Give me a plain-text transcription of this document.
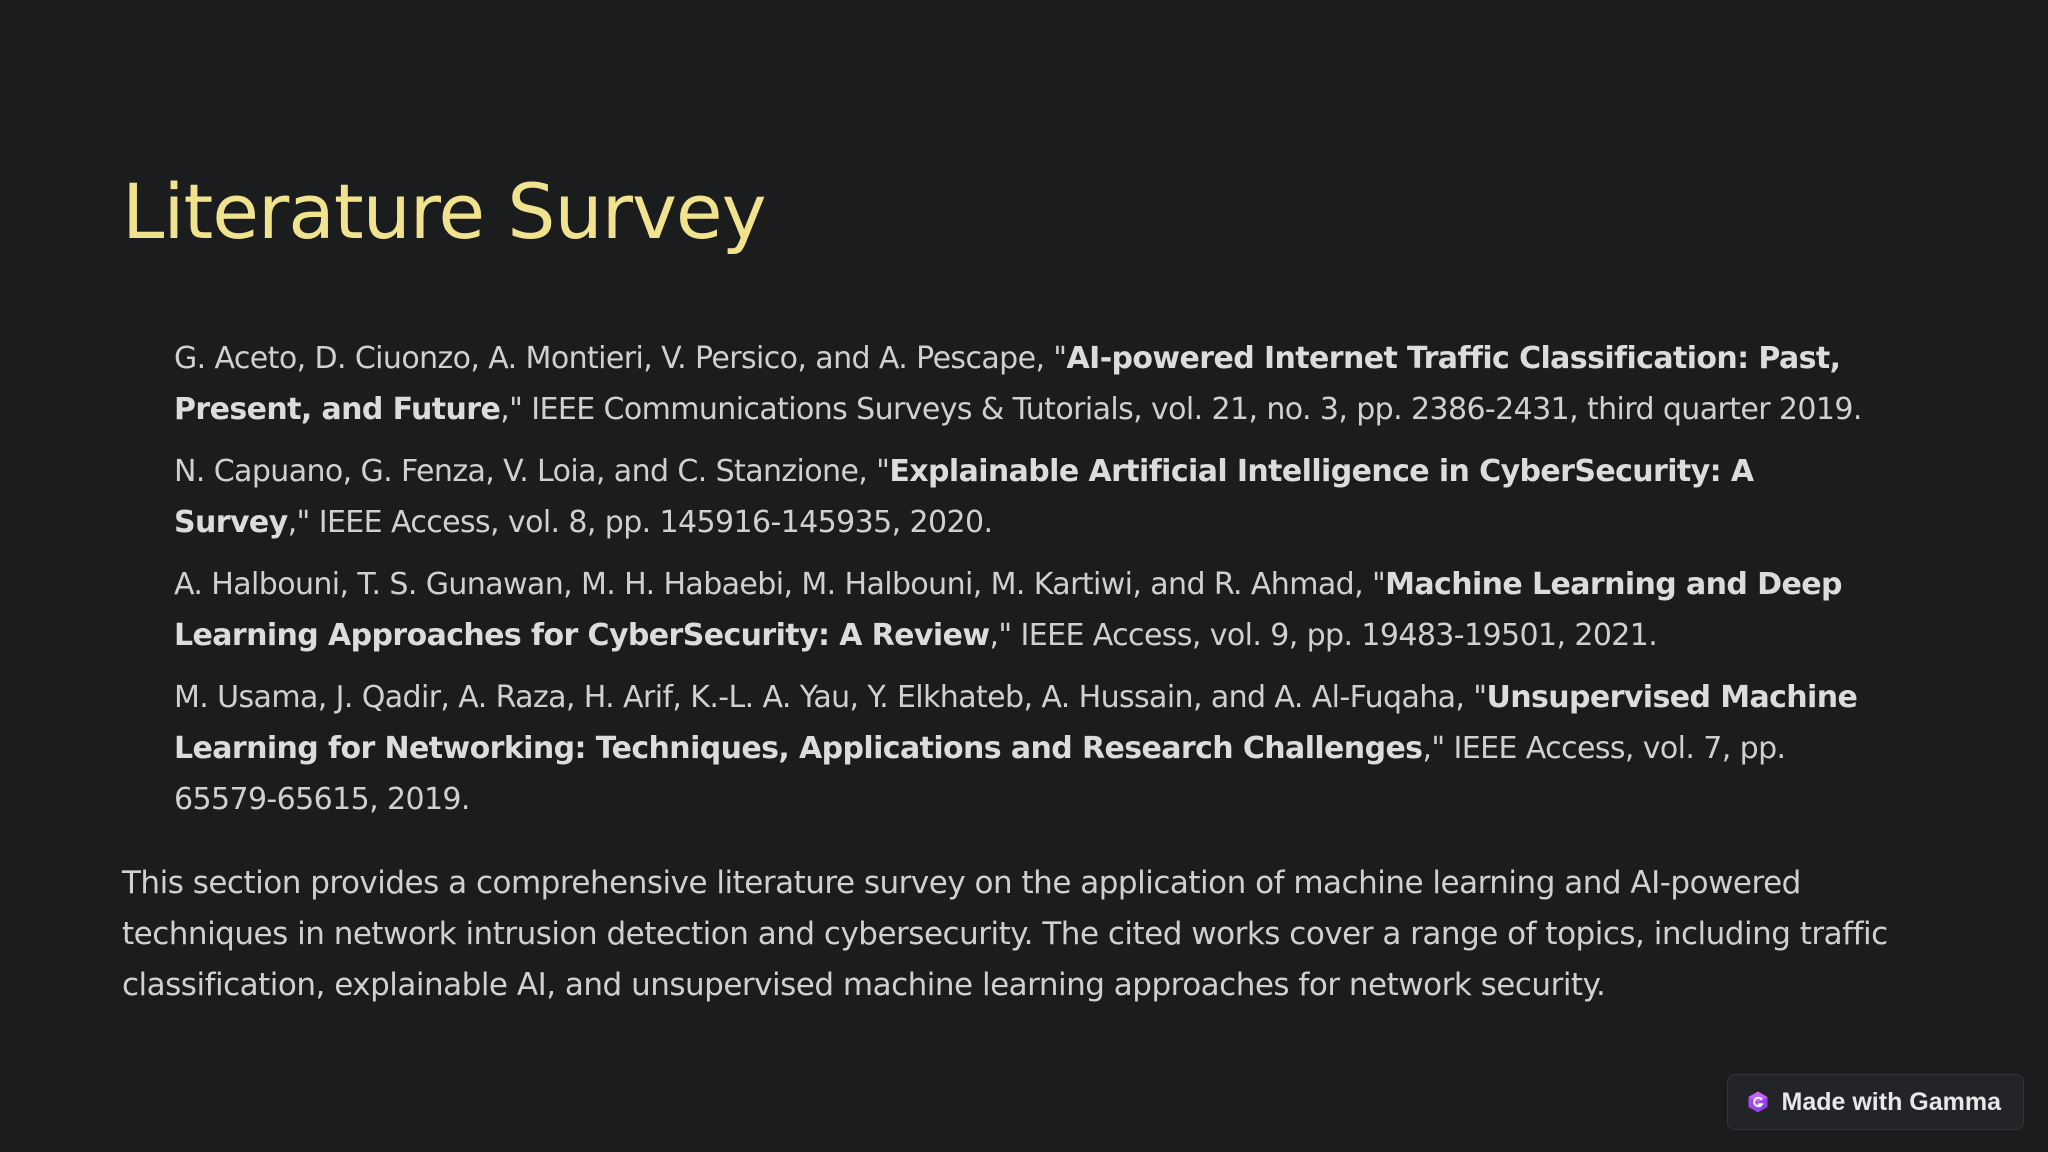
Literature Survey
G. Aceto, D. Ciuonzo, A. Montieri, V. Persico, and A. Pescape, "AI-powered Internet Traffic Classification: Past, Present, and Future," IEEE Communications Surveys & Tutorials, vol. 21, no. 3, pp. 2386-2431, third quarter 2019.
N. Capuano, G. Fenza, V. Loia, and C. Stanzione, "Explainable Artificial Intelligence in CyberSecurity: A Survey," IEEE Access, vol. 8, pp. 145916-145935, 2020.
A. Halbouni, T. S. Gunawan, M. H. Habaebi, M. Halbouni, M. Kartiwi, and R. Ahmad, "Machine Learning and Deep Learning Approaches for CyberSecurity: A Review," IEEE Access, vol. 9, pp. 19483-19501, 2021.
M. Usama, J. Qadir, A. Raza, H. Arif, K.-L. A. Yau, Y. Elkhateb, A. Hussain, and A. Al-Fuqaha, "Unsupervised Machine Learning for Networking: Techniques, Applications and Research Challenges," IEEE Access, vol. 7, pp. 65579-65615, 2019.

This section provides a comprehensive literature survey on the application of machine learning and AI-powered techniques in network intrusion detection and cybersecurity. The cited works cover a range of topics, including traffic classification, explainable AI, and unsupervised machine learning approaches for network security.

Made with Gamma
